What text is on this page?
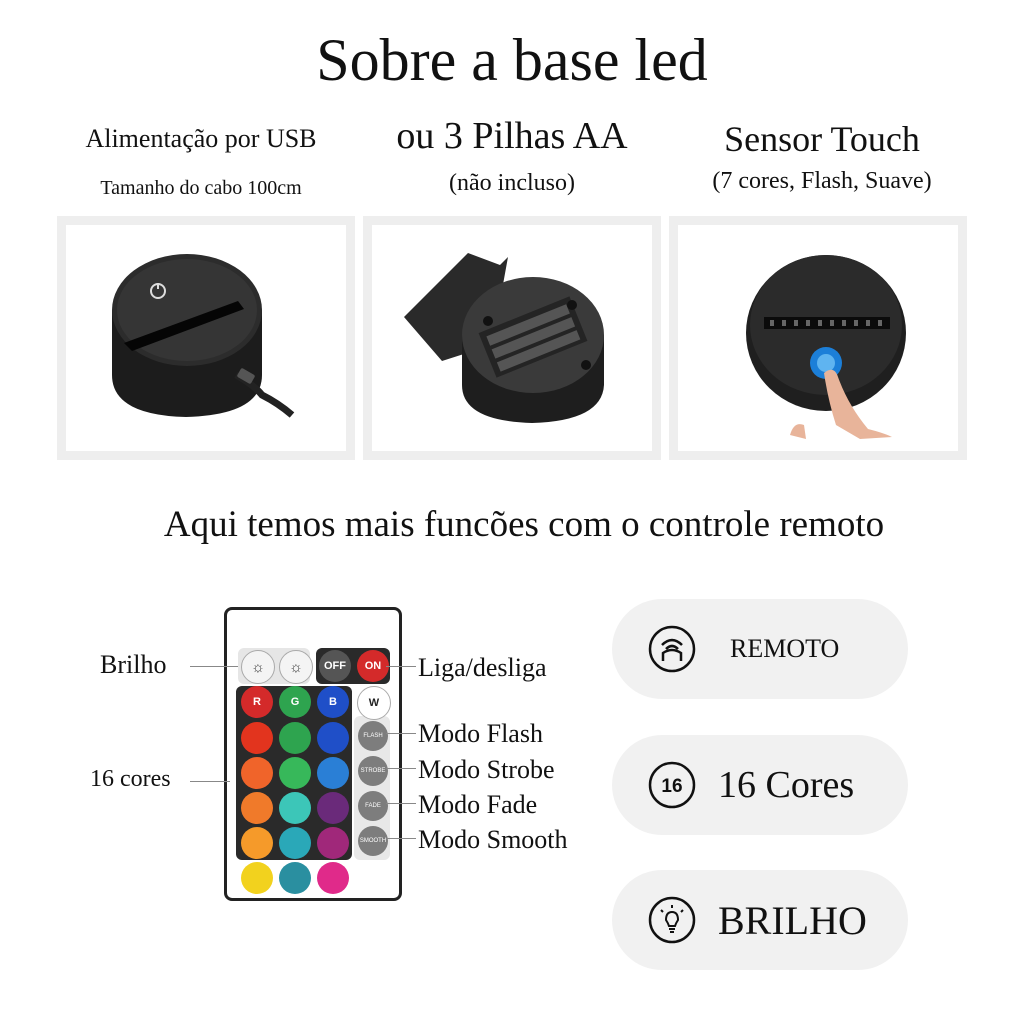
Sobre a base led
Alimentação por USB
Tamanho do cabo 100cm
ou 3 Pilhas AA
(não incluso)
Sensor Touch
(7 cores, Flash, Suave)
Aqui temos mais funcões com o controle remoto
☼	☼	OFF	ON
R	G	B	W
FLASH
STROBE
FADE
SMOOTH
Brilho
16 cores
Liga/desliga
Modo Flash
Modo Strobe
Modo Fade
Modo Smooth
REMOTO
16 16 Cores
BRILHO
